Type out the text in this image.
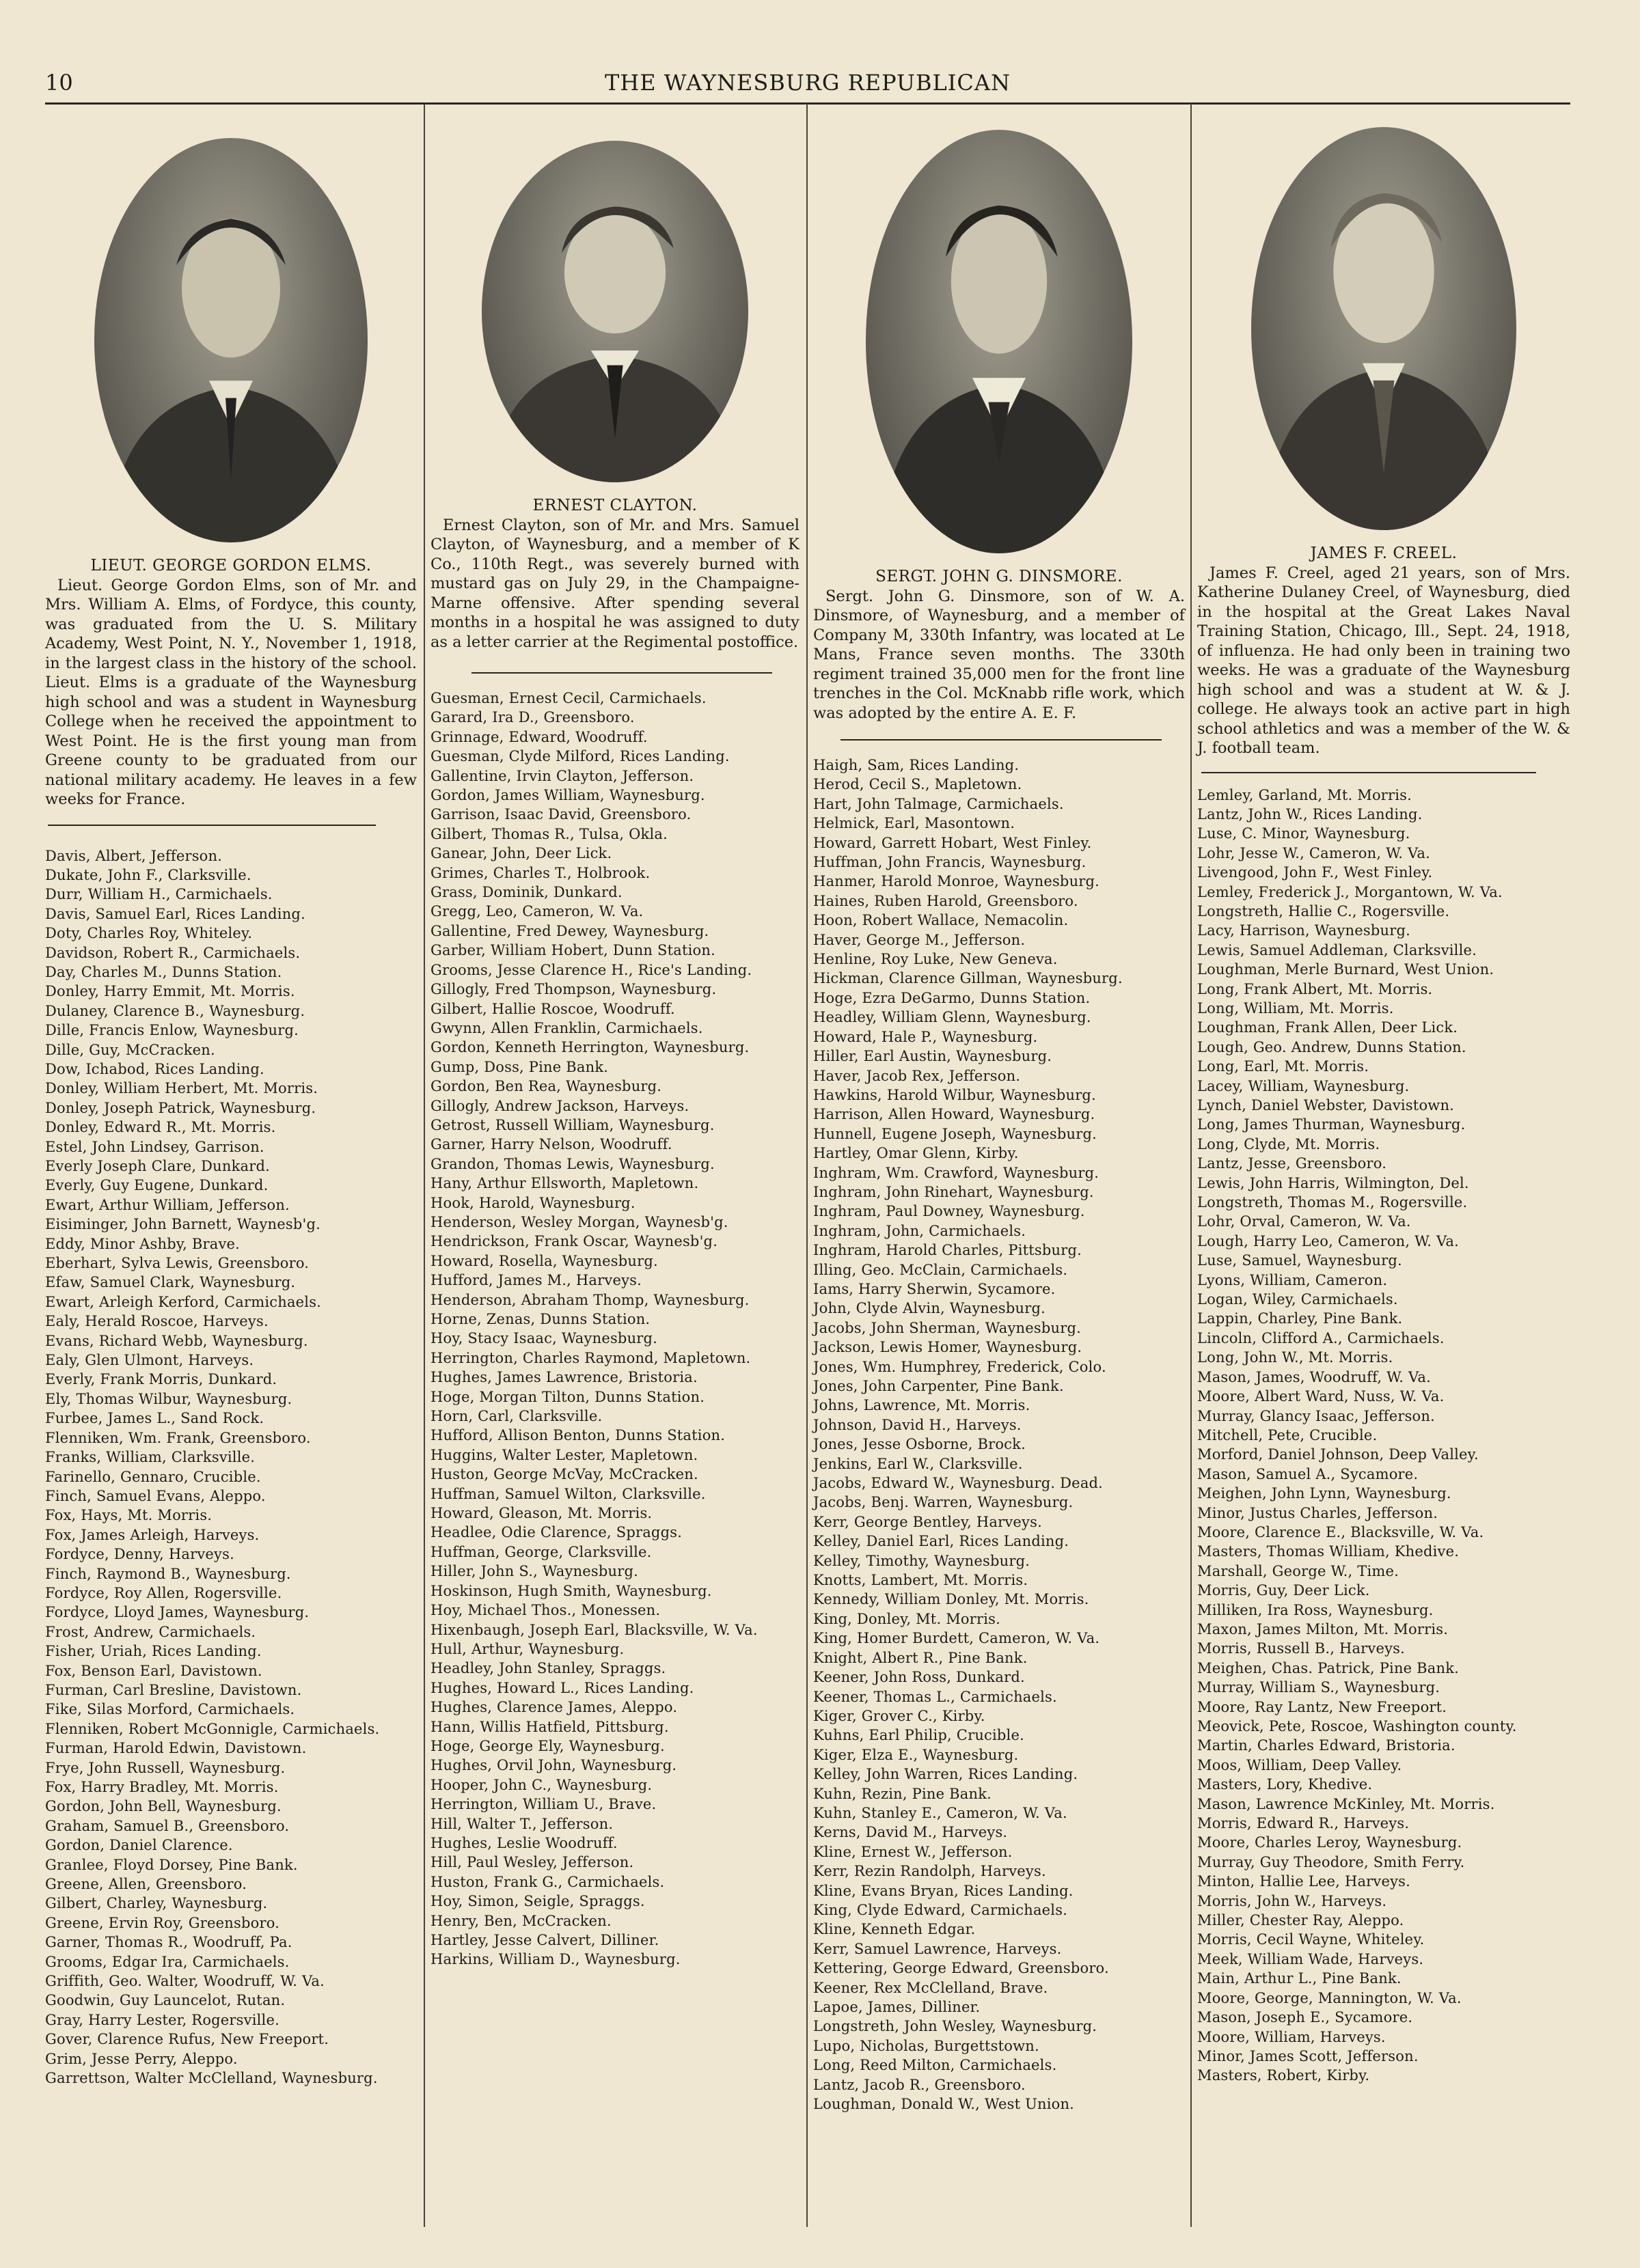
10	THE WAYNESBURG REPUBLICAN
LIEUT. GEORGE GORDON ELMS.
Lieut. George Gordon Elms, son of Mr. and Mrs. William A. Elms, of Fordyce, this county, was graduated from the U. S. Military Academy, West Point, N. Y., November 1, 1918, in the largest class in the history of the school. Lieut. Elms is a graduate of the Waynesburg high school and was a student in Waynesburg College when he received the appointment to West Point. He is the first young man from Greene county to be graduated from our national military academy. He leaves in a few weeks for France.
Davis, Albert, Jefferson.
Dukate, John F., Clarksville.
Durr, William H., Carmichaels.
Davis, Samuel Earl, Rices Landing.
Doty, Charles Roy, Whiteley.
Davidson, Robert R., Carmichaels.
Day, Charles M., Dunns Station.
Donley, Harry Emmit, Mt. Morris.
Dulaney, Clarence B., Waynesburg.
Dille, Francis Enlow, Waynesburg.
Dille, Guy, McCracken.
Dow, Ichabod, Rices Landing.
Donley, William Herbert, Mt. Morris.
Donley, Joseph Patrick, Waynesburg.
Donley, Edward R., Mt. Morris.
Estel, John Lindsey, Garrison.
Everly Joseph Clare, Dunkard.
Everly, Guy Eugene, Dunkard.
Ewart, Arthur William, Jefferson.
Eisiminger, John Barnett, Waynesb'g.
Eddy, Minor Ashby, Brave.
Eberhart, Sylva Lewis, Greensboro.
Efaw, Samuel Clark, Waynesburg.
Ewart, Arleigh Kerford, Carmichaels.
Ealy, Herald Roscoe, Harveys.
Evans, Richard Webb, Waynesburg.
Ealy, Glen Ulmont, Harveys.
Everly, Frank Morris, Dunkard.
Ely, Thomas Wilbur, Waynesburg.
Furbee, James L., Sand Rock.
Flenniken, Wm. Frank, Greensboro.
Franks, William, Clarksville.
Farinello, Gennaro, Crucible.
Finch, Samuel Evans, Aleppo.
Fox, Hays, Mt. Morris.
Fox, James Arleigh, Harveys.
Fordyce, Denny, Harveys.
Finch, Raymond B., Waynesburg.
Fordyce, Roy Allen, Rogersville.
Fordyce, Lloyd James, Waynesburg.
Frost, Andrew, Carmichaels.
Fisher, Uriah, Rices Landing.
Fox, Benson Earl, Davistown.
Furman, Carl Bresline, Davistown.
Fike, Silas Morford, Carmichaels.
Flenniken, Robert McGonnigle, Carmichaels.
Furman, Harold Edwin, Davistown.
Frye, John Russell, Waynesburg.
Fox, Harry Bradley, Mt. Morris.
Gordon, John Bell, Waynesburg.
Graham, Samuel B., Greensboro.
Gordon, Daniel Clarence.
Granlee, Floyd Dorsey, Pine Bank.
Greene, Allen, Greensboro.
Gilbert, Charley, Waynesburg.
Greene, Ervin Roy, Greensboro.
Garner, Thomas R., Woodruff, Pa.
Grooms, Edgar Ira, Carmichaels.
Griffith, Geo. Walter, Woodruff, W. Va.
Goodwin, Guy Launcelot, Rutan.
Gray, Harry Lester, Rogersville.
Gover, Clarence Rufus, New Freeport.
Grim, Jesse Perry, Aleppo.
Garrettson, Walter McClelland, Waynesburg.
ERNEST CLAYTON.
Ernest Clayton, son of Mr. and Mrs. Samuel Clayton, of Waynesburg, and a member of K Co., 110th Regt., was severely burned with mustard gas on July 29, in the Champaigne-Marne offensive. After spending several months in a hospital he was assigned to duty as a letter carrier at the Regimental postoffice.
Guesman, Ernest Cecil, Carmichaels.
Garard, Ira D., Greensboro.
Grinnage, Edward, Woodruff.
Guesman, Clyde Milford, Rices Landing.
Gallentine, Irvin Clayton, Jefferson.
Gordon, James William, Waynesburg.
Garrison, Isaac David, Greensboro.
Gilbert, Thomas R., Tulsa, Okla.
Ganear, John, Deer Lick.
Grimes, Charles T., Holbrook.
Grass, Dominik, Dunkard.
Gregg, Leo, Cameron, W. Va.
Gallentine, Fred Dewey, Waynesburg.
Garber, William Hobert, Dunn Station.
Grooms, Jesse Clarence H., Rice's Landing.
Gillogly, Fred Thompson, Waynesburg.
Gilbert, Hallie Roscoe, Woodruff.
Gwynn, Allen Franklin, Carmichaels.
Gordon, Kenneth Herrington, Waynesburg.
Gump, Doss, Pine Bank.
Gordon, Ben Rea, Waynesburg.
Gillogly, Andrew Jackson, Harveys.
Getrost, Russell William, Waynesburg.
Garner, Harry Nelson, Woodruff.
Grandon, Thomas Lewis, Waynesburg.
Hany, Arthur Ellsworth, Mapletown.
Hook, Harold, Waynesburg.
Henderson, Wesley Morgan, Waynesb'g.
Hendrickson, Frank Oscar, Waynesb'g.
Howard, Rosella, Waynesburg.
Hufford, James M., Harveys.
Henderson, Abraham Thomp, Waynesburg.
Horne, Zenas, Dunns Station.
Hoy, Stacy Isaac, Waynesburg.
Herrington, Charles Raymond, Mapletown.
Hughes, James Lawrence, Bristoria.
Hoge, Morgan Tilton, Dunns Station.
Horn, Carl, Clarksville.
Hufford, Allison Benton, Dunns Station.
Huggins, Walter Lester, Mapletown.
Huston, George McVay, McCracken.
Huffman, Samuel Wilton, Clarksville.
Howard, Gleason, Mt. Morris.
Headlee, Odie Clarence, Spraggs.
Huffman, George, Clarksville.
Hiller, John S., Waynesburg.
Hoskinson, Hugh Smith, Waynesburg.
Hoy, Michael Thos., Monessen.
Hixenbaugh, Joseph Earl, Blacksville, W. Va.
Hull, Arthur, Waynesburg.
Headley, John Stanley, Spraggs.
Hughes, Howard L., Rices Landing.
Hughes, Clarence James, Aleppo.
Hann, Willis Hatfield, Pittsburg.
Hoge, George Ely, Waynesburg.
Hughes, Orvil John, Waynesburg.
Hooper, John C., Waynesburg.
Herrington, William U., Brave.
Hill, Walter T., Jefferson.
Hughes, Leslie Woodruff.
Hill, Paul Wesley, Jefferson.
Huston, Frank G., Carmichaels.
Hoy, Simon, Seigle, Spraggs.
Henry, Ben, McCracken.
Hartley, Jesse Calvert, Dilliner.
Harkins, William D., Waynesburg.
SERGT. JOHN G. DINSMORE.
Sergt. John G. Dinsmore, son of W. A. Dinsmore, of Waynesburg, and a member of Company M, 330th Infantry, was located at Le Mans, France seven months. The 330th regiment trained 35,000 men for the front line trenches in the Col. McKnabb rifle work, which was adopted by the entire A. E. F.
Haigh, Sam, Rices Landing.
Herod, Cecil S., Mapletown.
Hart, John Talmage, Carmichaels.
Helmick, Earl, Masontown.
Howard, Garrett Hobart, West Finley.
Huffman, John Francis, Waynesburg.
Hanmer, Harold Monroe, Waynesburg.
Haines, Ruben Harold, Greensboro.
Hoon, Robert Wallace, Nemacolin.
Haver, George M., Jefferson.
Henline, Roy Luke, New Geneva.
Hickman, Clarence Gillman, Waynesburg.
Hoge, Ezra DeGarmo, Dunns Station.
Headley, William Glenn, Waynesburg.
Howard, Hale P., Waynesburg.
Hiller, Earl Austin, Waynesburg.
Haver, Jacob Rex, Jefferson.
Hawkins, Harold Wilbur, Waynesburg.
Harrison, Allen Howard, Waynesburg.
Hunnell, Eugene Joseph, Waynesburg.
Hartley, Omar Glenn, Kirby.
Inghram, Wm. Crawford, Waynesburg.
Inghram, John Rinehart, Waynesburg.
Inghram, Paul Downey, Waynesburg.
Inghram, John, Carmichaels.
Inghram, Harold Charles, Pittsburg.
Illing, Geo. McClain, Carmichaels.
Iams, Harry Sherwin, Sycamore.
John, Clyde Alvin, Waynesburg.
Jacobs, John Sherman, Waynesburg.
Jackson, Lewis Homer, Waynesburg.
Jones, Wm. Humphrey, Frederick, Colo.
Jones, John Carpenter, Pine Bank.
Johns, Lawrence, Mt. Morris.
Johnson, David H., Harveys.
Jones, Jesse Osborne, Brock.
Jenkins, Earl W., Clarksville.
Jacobs, Edward W., Waynesburg. Dead.
Jacobs, Benj. Warren, Waynesburg.
Kerr, George Bentley, Harveys.
Kelley, Daniel Earl, Rices Landing.
Kelley, Timothy, Waynesburg.
Knotts, Lambert, Mt. Morris.
Kennedy, William Donley, Mt. Morris.
King, Donley, Mt. Morris.
King, Homer Burdett, Cameron, W. Va.
Knight, Albert R., Pine Bank.
Keener, John Ross, Dunkard.
Keener, Thomas L., Carmichaels.
Kiger, Grover C., Kirby.
Kuhns, Earl Philip, Crucible.
Kiger, Elza E., Waynesburg.
Kelley, John Warren, Rices Landing.
Kuhn, Rezin, Pine Bank.
Kuhn, Stanley E., Cameron, W. Va.
Kerns, David M., Harveys.
Kline, Ernest W., Jefferson.
Kerr, Rezin Randolph, Harveys.
Kline, Evans Bryan, Rices Landing.
King, Clyde Edward, Carmichaels.
Kline, Kenneth Edgar.
Kerr, Samuel Lawrence, Harveys.
Kettering, George Edward, Greensboro.
Keener, Rex McClelland, Brave.
Lapoe, James, Dilliner.
Longstreth, John Wesley, Waynesburg.
Lupo, Nicholas, Burgettstown.
Long, Reed Milton, Carmichaels.
Lantz, Jacob R., Greensboro.
Loughman, Donald W., West Union.
JAMES F. CREEL.
James F. Creel, aged 21 years, son of Mrs. Katherine Dulaney Creel, of Waynesburg, died in the hospital at the Great Lakes Naval Training Station, Chicago, Ill., Sept. 24, 1918, of influenza. He had only been in training two weeks. He was a graduate of the Waynesburg high school and was a student at W. & J. college. He always took an active part in high school athletics and was a member of the W. & J. football team.
Lemley, Garland, Mt. Morris.
Lantz, John W., Rices Landing.
Luse, C. Minor, Waynesburg.
Lohr, Jesse W., Cameron, W. Va.
Livengood, John F., West Finley.
Lemley, Frederick J., Morgantown, W. Va.
Longstreth, Hallie C., Rogersville.
Lacy, Harrison, Waynesburg.
Lewis, Samuel Addleman, Clarksville.
Loughman, Merle Burnard, West Union.
Long, Frank Albert, Mt. Morris.
Long, William, Mt. Morris.
Loughman, Frank Allen, Deer Lick.
Lough, Geo. Andrew, Dunns Station.
Long, Earl, Mt. Morris.
Lacey, William, Waynesburg.
Lynch, Daniel Webster, Davistown.
Long, James Thurman, Waynesburg.
Long, Clyde, Mt. Morris.
Lantz, Jesse, Greensboro.
Lewis, John Harris, Wilmington, Del.
Longstreth, Thomas M., Rogersville.
Lohr, Orval, Cameron, W. Va.
Lough, Harry Leo, Cameron, W. Va.
Luse, Samuel, Waynesburg.
Lyons, William, Cameron.
Logan, Wiley, Carmichaels.
Lappin, Charley, Pine Bank.
Lincoln, Clifford A., Carmichaels.
Long, John W., Mt. Morris.
Mason, James, Woodruff, W. Va.
Moore, Albert Ward, Nuss, W. Va.
Murray, Glancy Isaac, Jefferson.
Mitchell, Pete, Crucible.
Morford, Daniel Johnson, Deep Valley.
Mason, Samuel A., Sycamore.
Meighen, John Lynn, Waynesburg.
Minor, Justus Charles, Jefferson.
Moore, Clarence E., Blacksville, W. Va.
Masters, Thomas William, Khedive.
Marshall, George W., Time.
Morris, Guy, Deer Lick.
Milliken, Ira Ross, Waynesburg.
Maxon, James Milton, Mt. Morris.
Morris, Russell B., Harveys.
Meighen, Chas. Patrick, Pine Bank.
Murray, William S., Waynesburg.
Moore, Ray Lantz, New Freeport.
Meovick, Pete, Roscoe, Washington county.
Martin, Charles Edward, Bristoria.
Moos, William, Deep Valley.
Masters, Lory, Khedive.
Mason, Lawrence McKinley, Mt. Morris.
Morris, Edward R., Harveys.
Moore, Charles Leroy, Waynesburg.
Murray, Guy Theodore, Smith Ferry.
Minton, Hallie Lee, Harveys.
Morris, John W., Harveys.
Miller, Chester Ray, Aleppo.
Morris, Cecil Wayne, Whiteley.
Meek, William Wade, Harveys.
Main, Arthur L., Pine Bank.
Moore, George, Mannington, W. Va.
Mason, Joseph E., Sycamore.
Moore, William, Harveys.
Minor, James Scott, Jefferson.
Masters, Robert, Kirby.
